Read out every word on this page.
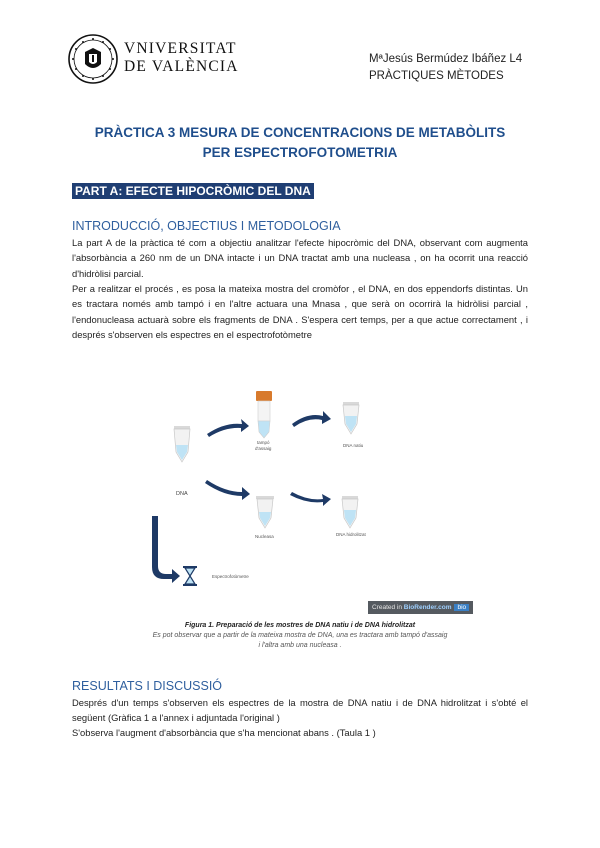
VNIVERSITAT
DE VALÈNCIA	MªJesús Bermúdez Ibáñez L4
PRÀCTIQUES MÈTODES
PRÀCTICA 3 MESURA DE CONCENTRACIONS DE METABÒLITS
PER ESPECTROFOTOMETRIA
PART A: EFECTE HIPOCRÒMIC DEL DNA
INTRODUCCIÓ, OBJECTIUS I METODOLOGIA

La part A de la pràctica té com a objectiu analitzar l'efecte hipocròmic del DNA, observant com augmenta l'absorbància a 260 nm de un DNA intacte i un DNA tractat amb una nucleasa , on ha ocorrit una reacció d'hidròlisi parcial.

Per a realitzar el procés , es posa la mateixa mostra del cromòfor , el DNA, en dos eppendorfs distintas. Un es tractara només amb tampó i en l'altre actuara una Mnasa , que serà on ocorrirà la hidròlisi parcial , l'endonucleasa actuarà sobre els fragments de DNA . S'espera cert temps, per a que actue correctament , i després s'observen els espectres en el espectrofotòmetre

DNA
tampó
d'assaig
Nucleasa
DNA natiu
DNA hidrolitzat
Espectrofotòmetre
Created in BioRender.com bio
Figura 1. Preparació de les mostres de DNA natiu i de DNA hidrolitzat
Es pot observar que a partir de la mateixa mostra de DNA, una es tractara amb tampó d'assaig
i l'altra amb una nucleasa .
RESULTATS I DISCUSSIÓ

Després d'un temps s'observen els espectres de la mostra de DNA natiu i de DNA hidrolitzat i s'obté el següent (Gràfica 1 a l'annex i adjuntada l'original )

S'observa l'augment d'absorbància que s'ha mencionat abans . (Taula 1 )
